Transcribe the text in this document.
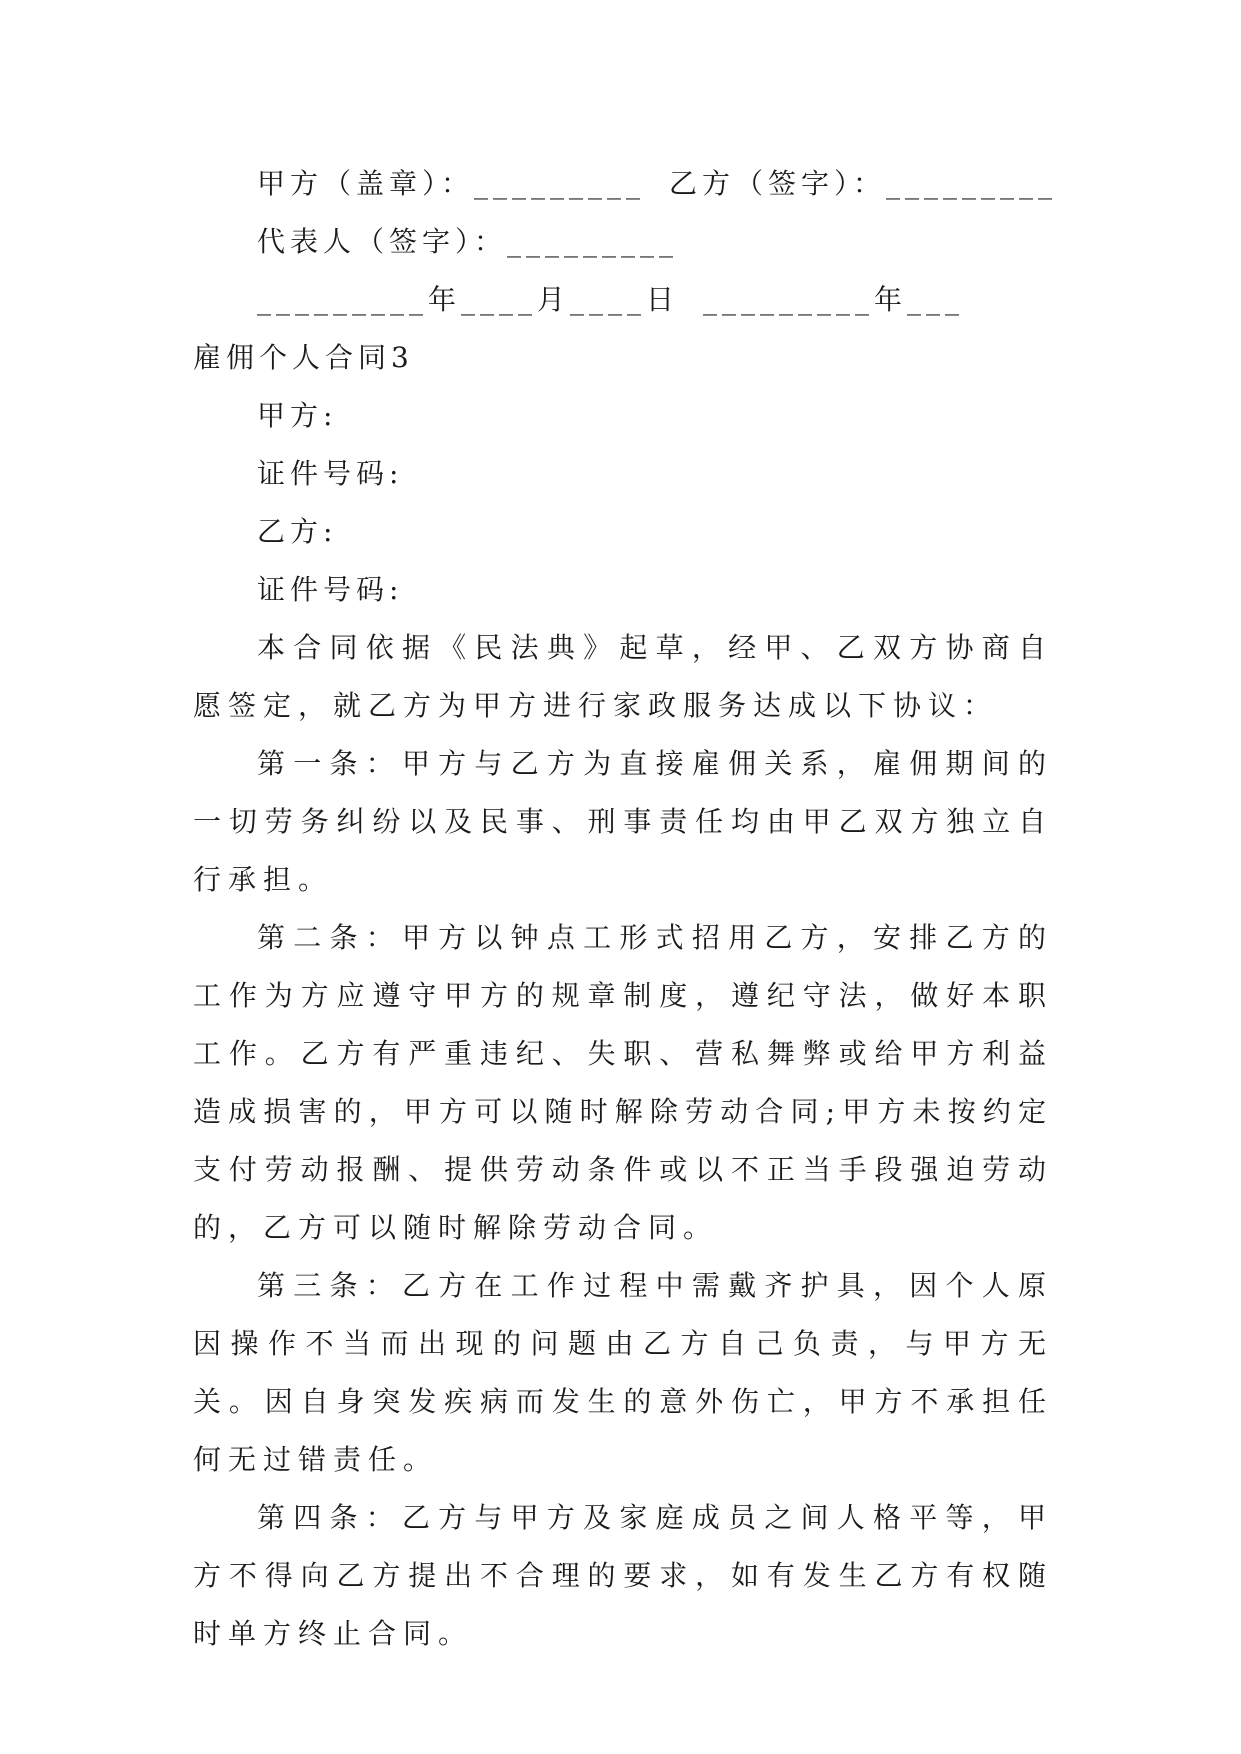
甲方（盖章）：_________ 乙方（签字）：_________
代表人（签字）：_________
_________年____月____日 _________年___
雇佣个人合同3
甲方:
证件号码:
乙方:
证件号码:

本合同依据《民法典》起草，经甲、乙双方协商自愿签定，就乙方为甲方进行家政服务达成以下协议：

第一条：甲方与乙方为直接雇佣关系，雇佣期间的一切劳务纠纷以及民事、刑事责任均由甲乙双方独立自行承担。

第二条：甲方以钟点工形式招用乙方，安排乙方的工作为方应遵守甲方的规章制度，遵纪守法，做好本职工作。乙方有严重违纪、失职、营私舞弊或给甲方利益造成损害的，甲方可以随时解除劳动合同;甲方未按约定支付劳动报酬、提供劳动条件或以不正当手段强迫劳动的，乙方可以随时解除劳动合同。

第三条：乙方在工作过程中需戴齐护具，因个人原因操作不当而出现的问题由乙方自己负责，与甲方无关。因自身突发疾病而发生的意外伤亡，甲方不承担任何无过错责任。

第四条：乙方与甲方及家庭成员之间人格平等，甲方不得向乙方提出不合理的要求，如有发生乙方有权随时单方终止合同。
